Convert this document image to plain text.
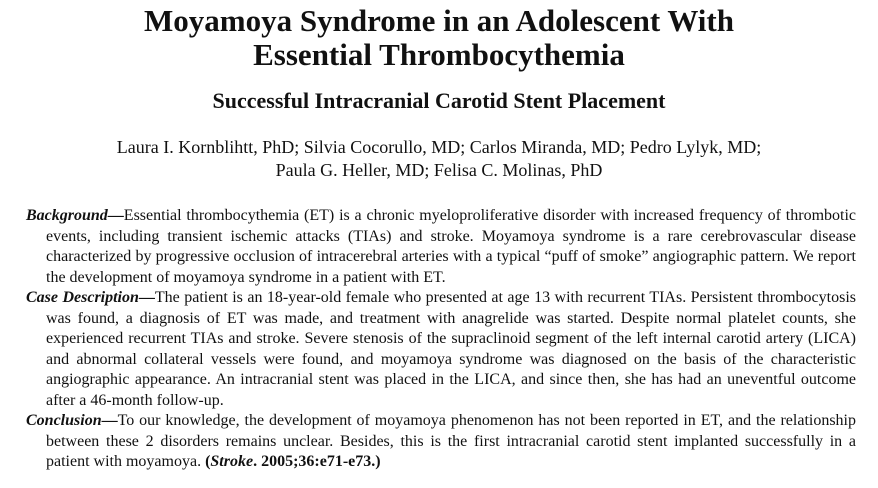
Moyamoya Syndrome in an Adolescent With
Essential Thrombocythemia
Successful Intracranial Carotid Stent Placement

Laura I. Kornblihtt, PhD; Silvia Cocorullo, MD; Carlos Miranda, MD; Pedro Lylyk, MD;
Paula G. Heller, MD; Felisa C. Molinas, PhD

Background—Essential thrombocythemia (ET) is a chronic myeloproliferative disorder with increased frequency of thrombotic events, including transient ischemic attacks (TIAs) and stroke. Moyamoya syndrome is a rare cerebrovascular disease characterized by progressive occlusion of intracerebral arteries with a typical “puff of smoke” angiographic pattern. We report the development of moyamoya syndrome in a patient with ET.

Case Description—The patient is an 18-year-old female who presented at age 13 with recurrent TIAs. Persistent thrombocytosis was found, a diagnosis of ET was made, and treatment with anagrelide was started. Despite normal platelet counts, she experienced recurrent TIAs and stroke. Severe stenosis of the supraclinoid segment of the left internal carotid artery (LICA) and abnormal collateral vessels were found, and moyamoya syndrome was diagnosed on the basis of the characteristic angiographic appearance. An intracranial stent was placed in the LICA, and since then, she has had an uneventful outcome after a 46-month follow-up.

Conclusion—To our knowledge, the development of moyamoya phenomenon has not been reported in ET, and the relationship between these 2 disorders remains unclear. Besides, this is the first intracranial carotid stent implanted successfully in a patient with moyamoya. (Stroke. 2005;36:e71-e73.)
